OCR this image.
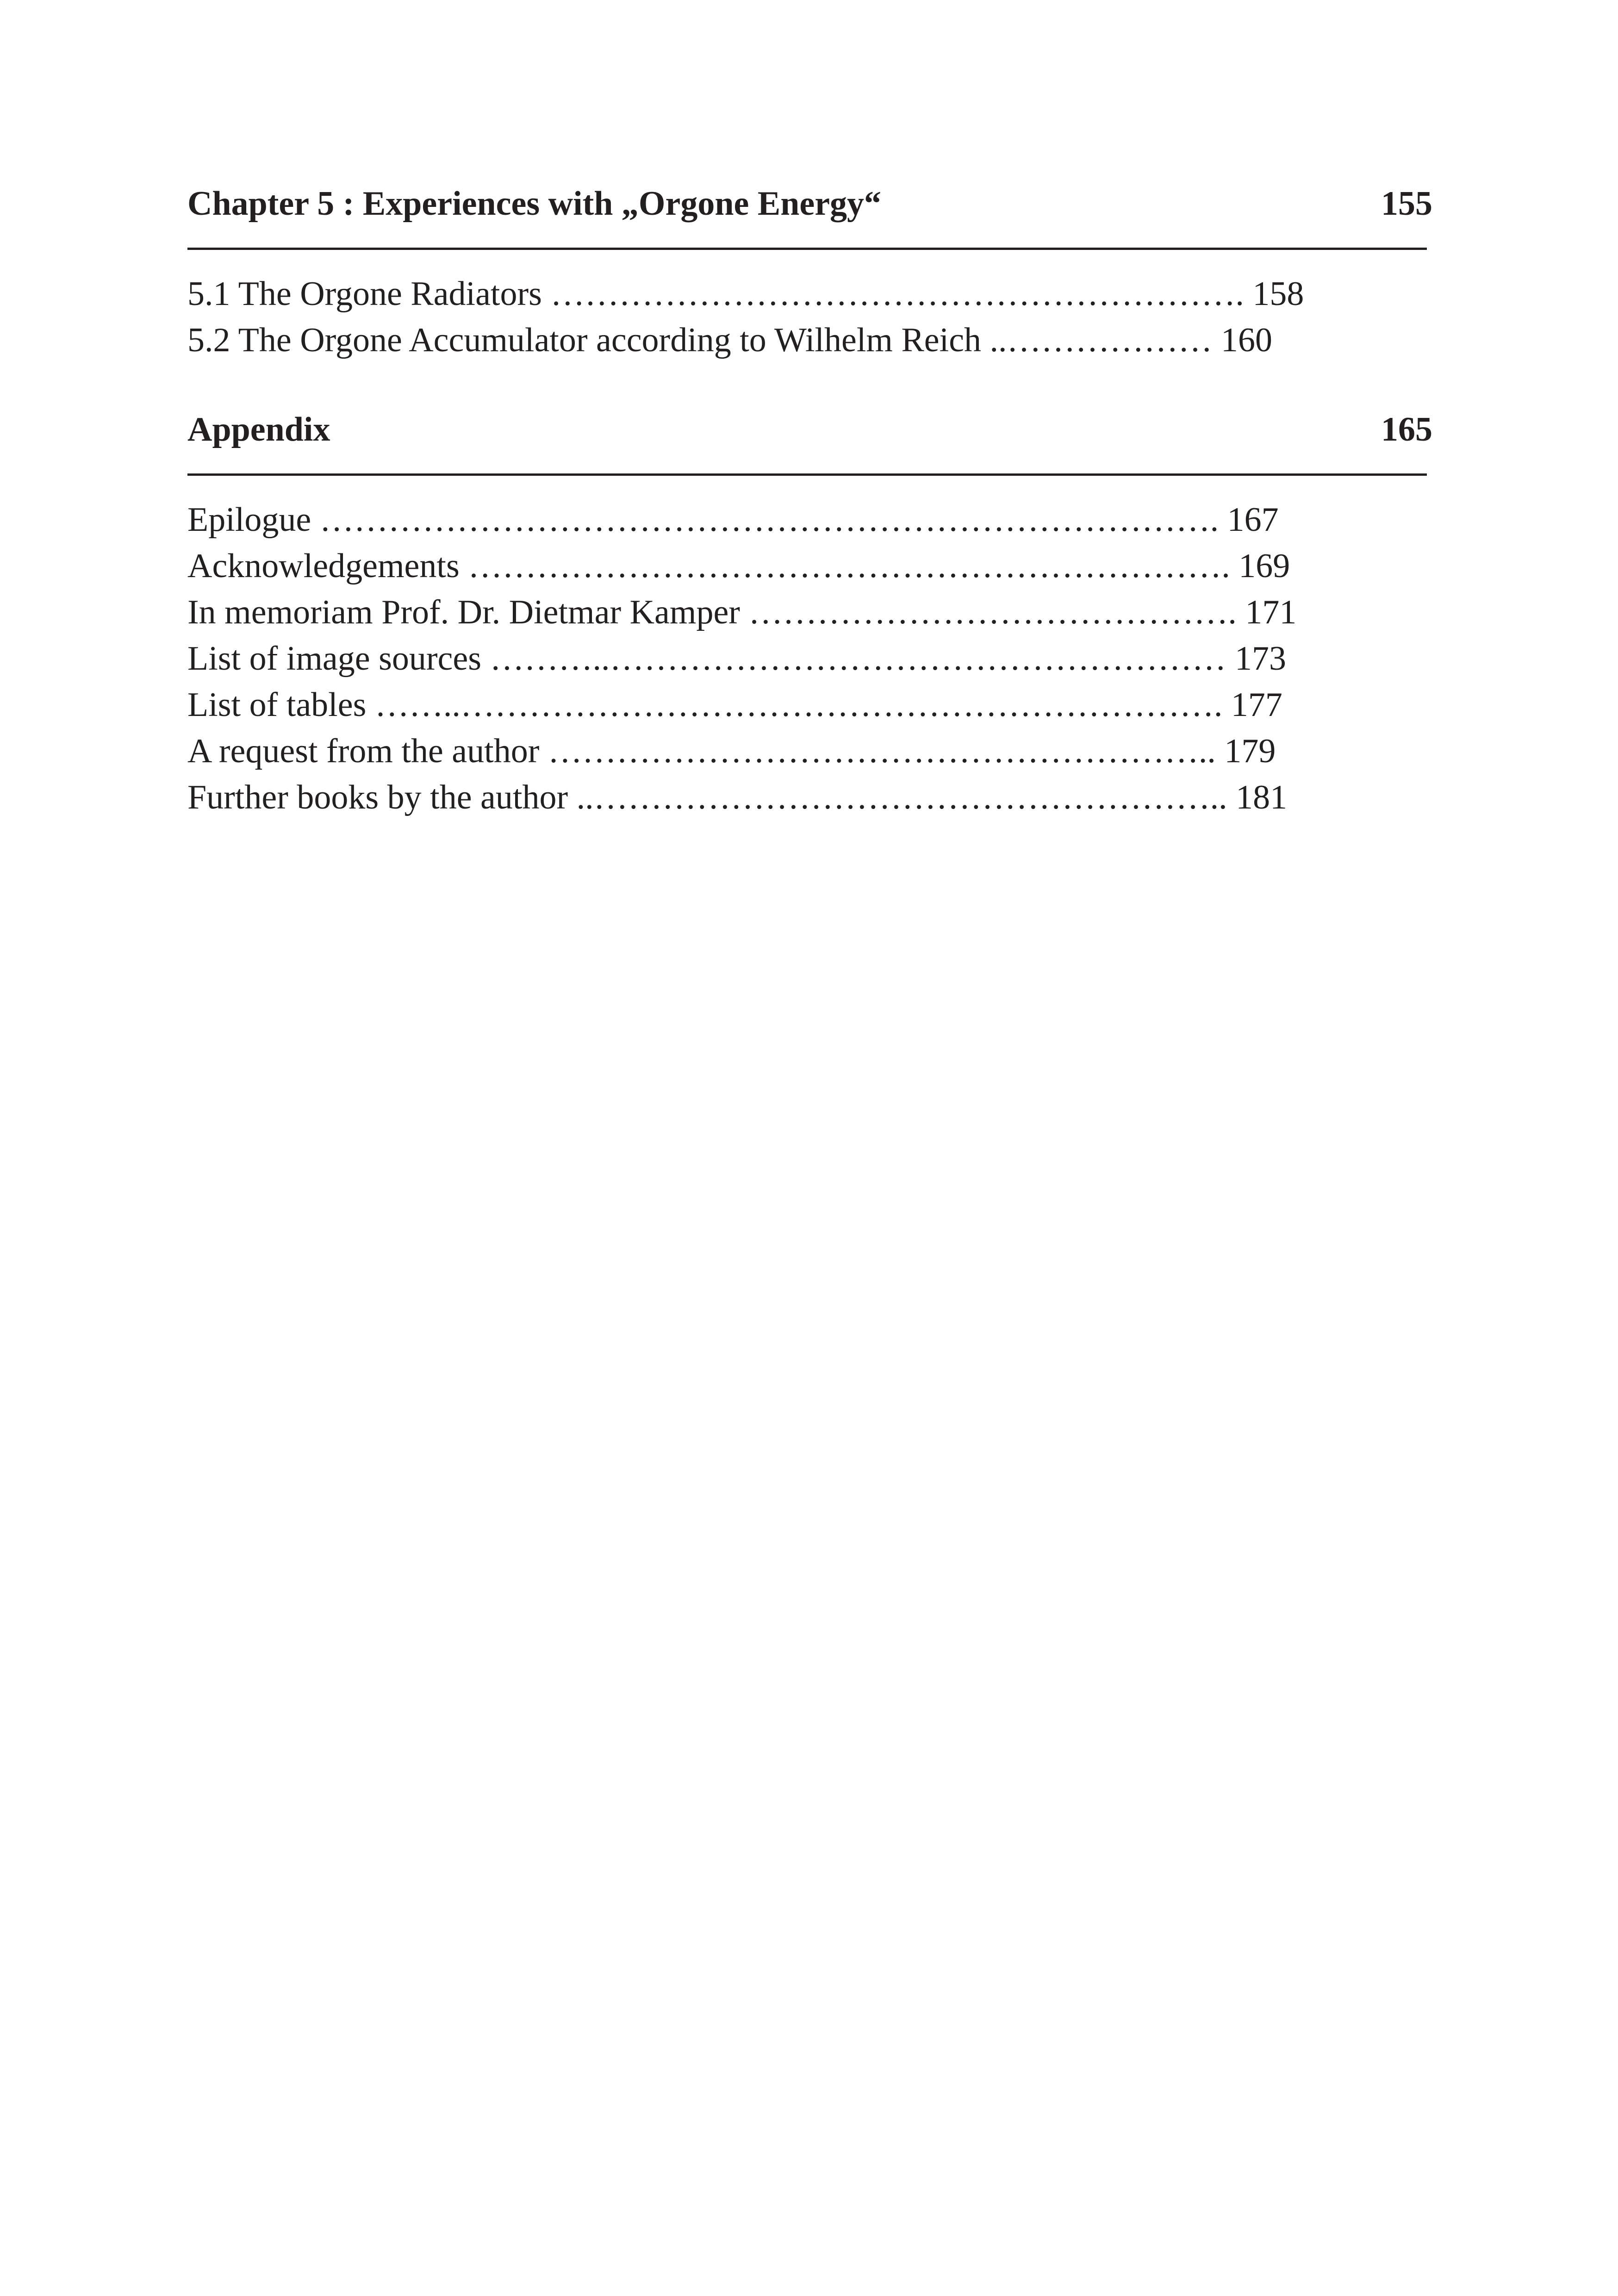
Chapter 5 : Experiences with „Orgone Energy“	155
5.1 The Orgone Radiators ……………………………………………………. 158
5.2 The Orgone Accumulator according to Wilhelm Reich ..……………… 160
Appendix	165
Epilogue ……………………………………………………………………. 167
Acknowledgements …………………………………………………………. 169
In memoriam Prof. Dr. Dietmar Kamper ……………………………………. 171
List of image sources ………..……………………………………………… 173
List of tables ……..…………………………………………………………. 177
A request from the author ………………………………………………….. 179
Further books by the author ..……………………………………………….. 181
